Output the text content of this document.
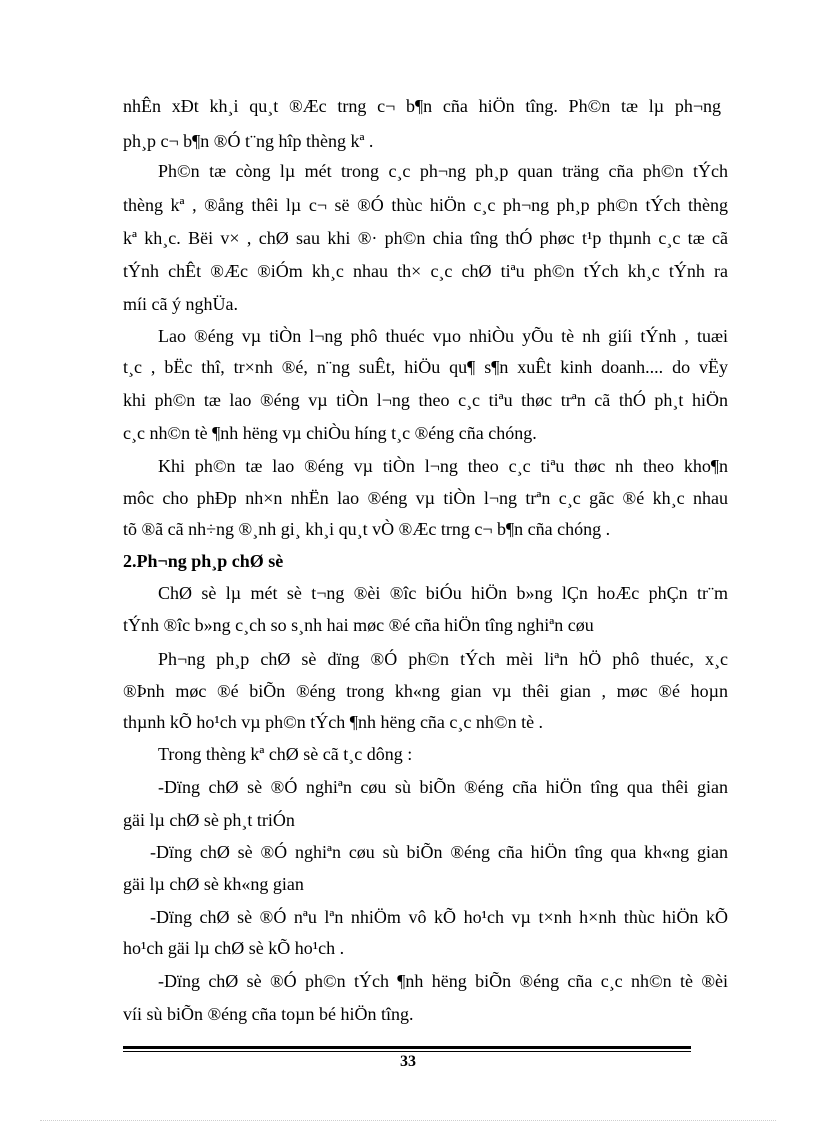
nhÊn xÐt kh¸i qu¸t ®Æc trng c¬ b¶n cña hiÖn tîng. Ph©n tæ lµ ph¬ng
ph¸p c¬ b¶n ®Ó t¨ng hîp thèng kª .
Ph©n tæ còng lµ mét trong c¸c ph¬ng ph¸p quan träng cña ph©n tÝch
thèng kª , ®ång thêi lµ c¬ së ®Ó thùc hiÖn c¸c ph¬ng ph¸p ph©n tÝch thèng
kª kh¸c. Bëi v× , chØ sau khi ®· ph©n chia tîng thÓ phøc t¹p thµnh c¸c tæ cã
tÝnh chÊt ®Æc ®iÓm kh¸c nhau th× c¸c chØ tiªu ph©n tÝch kh¸c tÝnh ra
míi cã ý nghÜa.
Lao ®éng vµ tiÒn l¬ng phô thuéc vµo nhiÒu yÕu tè nh giíi tÝnh , tuæi
t¸c , bËc thî, tr×nh ®é, n¨ng suÊt, hiÖu qu¶ s¶n xuÊt kinh doanh.... do vËy
khi ph©n tæ lao ®éng vµ tiÒn l¬ng theo c¸c tiªu thøc trªn cã thÓ ph¸t hiÖn
c¸c nh©n tè ¶nh hëng vµ chiÒu híng t¸c ®éng cña chóng.
Khi ph©n tæ lao ®éng vµ tiÒn l¬ng theo c¸c tiªu thøc nh theo kho¶n
môc cho phÐp nh×n nhËn lao ®éng vµ tiÒn l¬ng trªn c¸c gãc ®é kh¸c nhau
tõ ®ã cã nh÷ng ®¸nh gi¸ kh¸i qu¸t vÒ ®Æc trng c¬ b¶n cña chóng .
2.Ph¬ng ph¸p chØ sè
ChØ sè lµ mét sè t¬ng ®èi ®îc biÓu hiÖn b»ng lÇn hoÆc phÇn tr¨m
tÝnh ®îc b»ng c¸ch so s¸nh hai møc ®é cña hiÖn tîng nghiªn cøu
Ph¬ng ph¸p chØ sè dïng ®Ó ph©n tÝch mèi liªn hÖ phô thuéc, x¸c
®Þnh møc ®é biÕn ®éng trong kh«ng gian vµ thêi gian , møc ®é hoµn
thµnh kÕ ho¹ch vµ ph©n tÝch ¶nh hëng cña c¸c nh©n tè .
Trong thèng kª chØ sè cã t¸c dông :
-Dïng chØ sè ®Ó nghiªn cøu sù biÕn ®éng cña hiÖn tîng qua thêi gian
gäi lµ chØ sè ph¸t triÓn
-Dïng chØ sè ®Ó nghiªn cøu sù biÕn ®éng cña hiÖn tîng qua kh«ng gian
gäi lµ chØ sè kh«ng gian
-Dïng chØ sè ®Ó nªu lªn nhiÖm vô kÕ ho¹ch vµ t×nh h×nh thùc hiÖn kÕ
ho¹ch gäi lµ chØ sè kÕ ho¹ch .
-Dïng chØ sè ®Ó ph©n tÝch ¶nh hëng biÕn ®éng cña c¸c nh©n tè ®èi
víi sù biÕn ®éng cña toµn bé hiÖn tîng.
33
